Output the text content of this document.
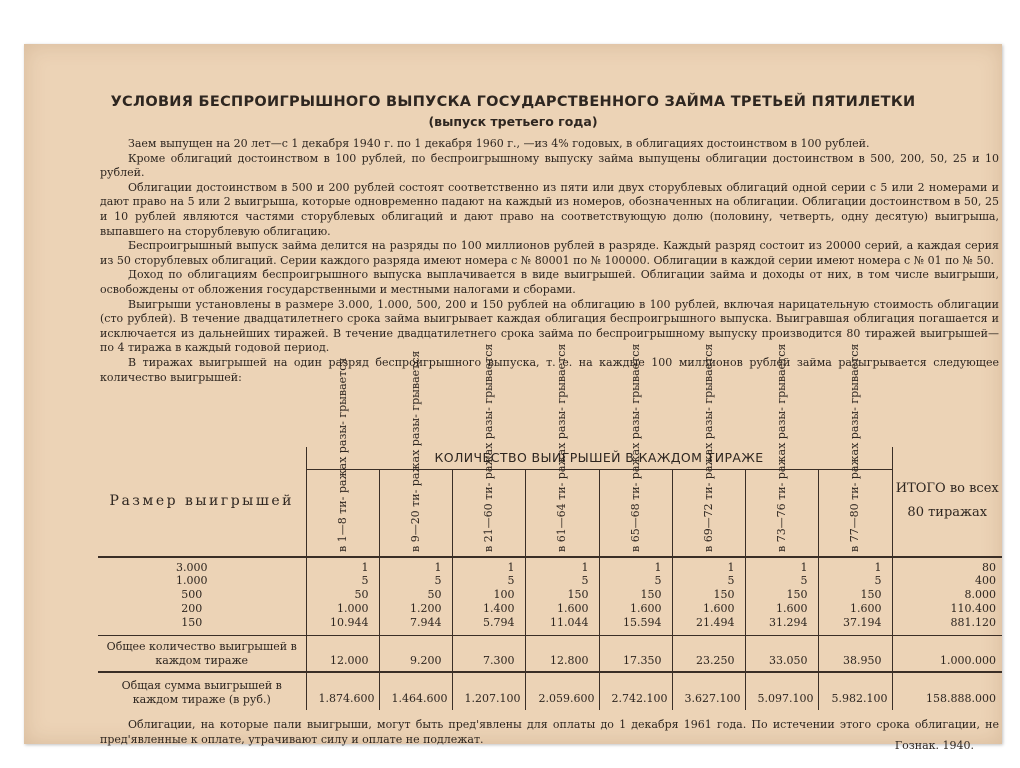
УСЛОВИЯ БЕСПРОИГРЫШНОГО ВЫПУСКА ГОСУДАРСТВЕННОГО ЗАЙМА ТРЕТЬЕЙ ПЯТИЛЕТКИ
(выпуск третьего года)

Заем выпущен на 20 лет—с 1 декабря 1940 г. по 1 декабря 1960 г., —из 4% годовых, в облигациях достоинством в 100 рублей.

Кроме облигаций достоинством в 100 рублей, по беспроигрышному выпуску займа выпущены облигации достоинством в 500, 200, 50, 25 и 10 рублей.

Облигации достоинством в 500 и 200 рублей состоят соответственно из пяти или двух сторублевых облигаций одной серии с 5 или 2 номерами и дают право на 5 или 2 выигрыша, которые одновременно падают на каждый из номеров, обозначенных на облигации. Облигации достоинством в 50, 25 и 10 рублей являются частями сторублевых облигаций и дают право на соответствующую долю (половину, четверть, одну десятую) выигрыша, выпавшего на сторублевую облигацию.

Беспроигрышный выпуск займа делится на разряды по 100 миллионов рублей в разряде. Каждый разряд состоит из 20000 серий, а каждая серия из 50 сторублевых облигаций. Серии каждого разряда имеют номера с № 80001 по № 100000. Облигации в каждой серии имеют номера с № 01 по № 50.

Доход по облигациям беспроигрышного выпуска выплачивается в виде выигрышей. Облигации займа и доходы от них, в том числе выигрыши, освобождены от обложения государственными и местными налогами и сборами.

Выигрыши установлены в размере 3.000, 1.000, 500, 200 и 150 рублей на облигацию в 100 рублей, включая нарицательную стоимость облигации (сто рублей). В течение двадцатилетнего срока займа выигрывает каждая облигация беспроигрышного выпуска. Выигравшая облигация погашается и исключается из дальнейших тиражей. В течение двадцатилетнего срока займа по беспроигрышному выпуску производится 80 тиражей выигрышей—по 4 тиража в каждый годовой период.

В тиражах выигрышей на один разряд беспроигрышного выпуска, т. е. на каждые 100 миллионов рублей займа разыгрывается следующее количество выигрышей:

Размер выигрышей	КОЛИЧЕСТВО ВЫИГРЫШЕЙ В КАЖДОМ ТИРАЖЕ								ИТОГО во всех 80 тиражах
	в 1—8 ти- ражах разы- грывается	в 9—20 ти- ражах разы- грывается	в 21—60 ти- ражах разы- грывается	в 61—64 ти- ражах разы- грывается	в 65—68 ти- ражах разы- грывается	в 69—72 ти- ражах разы- грывается	в 73—76 ти- ражах разы- грывается	в 77—80 ти- ражах разы- грывается	
3.000	1	1	1	1	1	1	1	1	80
1.000	5	5	5	5	5	5	5	5	400
500	50	50	100	150	150	150	150	150	8.000
200	1.000	1.200	1.400	1.600	1.600	1.600	1.600	1.600	110.400
150	10.944	7.944	5.794	11.044	15.594	21.494	31.294	37.194	881.120
Общее количество выигрышей в каждом тираже	12.000	9.200	7.300	12.800	17.350	23.250	33.050	38.950	1.000.000
Общая сумма выигрышей в каждом тираже (в руб.)	1.874.600	1.464.600	1.207.100	2.059.600	2.742.100	3.627.100	5.097.100	5.982.100	158.888.000

Облигации, на которые пали выигрыши, могут быть пред'явлены для оплаты до 1 декабря 1961 года. По истечении этого срока облигации, не пред'явленные к оплате, утрачивают силу и оплате не подлежат.	Гознак. 1940.
